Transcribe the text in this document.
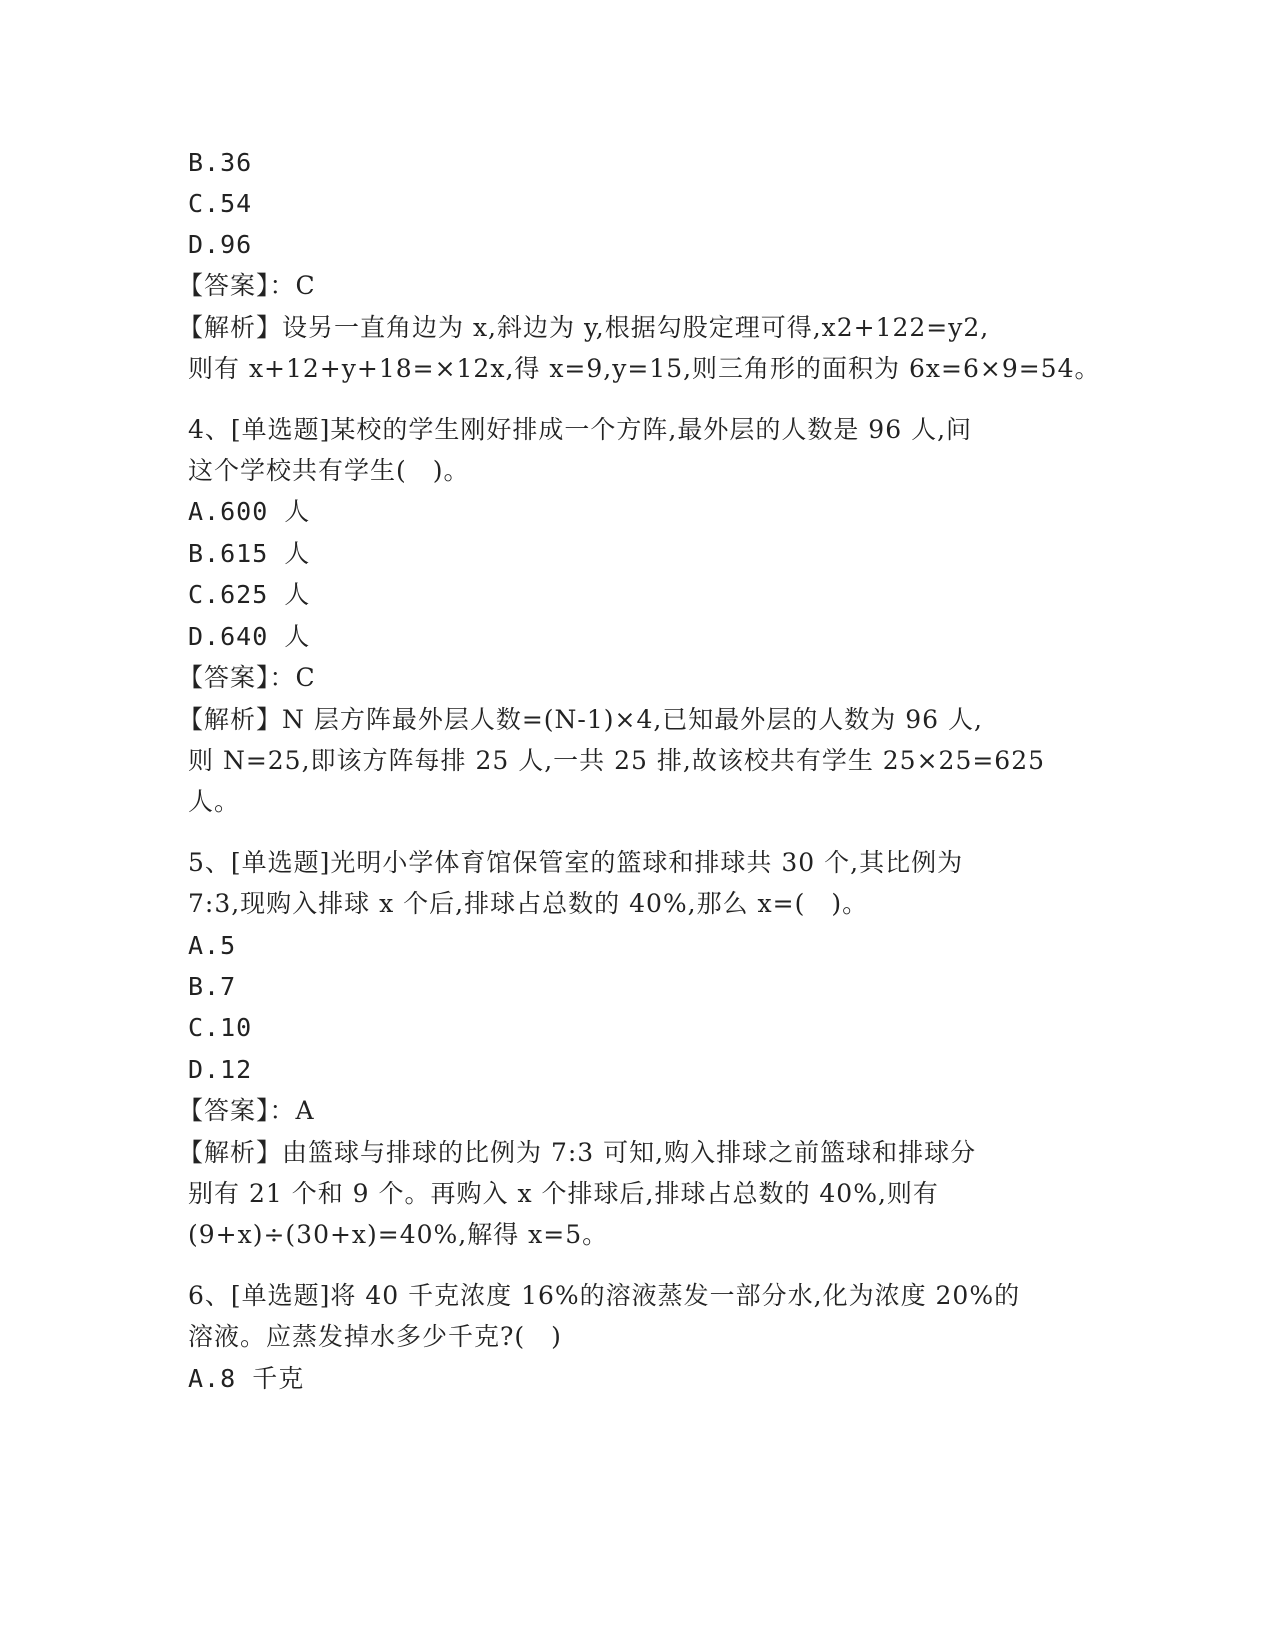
B.36
C.54
D.96
【答案】：C
【解析】设另一直角边为 x,斜边为 y,根据勾股定理可得,x2+122=y2,
则有 x+12+y+18=×12x,得 x=9,y=15,则三角形的面积为 6x=6×9=54。
4、[单选题]某校的学生刚好排成一个方阵,最外层的人数是 96 人,问
这个学校共有学生(　)。
A.600 人
B.615 人
C.625 人
D.640 人
【答案】：C
【解析】N 层方阵最外层人数=(N-1)×4,已知最外层的人数为 96 人,
则 N=25,即该方阵每排 25 人,一共 25 排,故该校共有学生 25×25=625
人。
5、[单选题]光明小学体育馆保管室的篮球和排球共 30 个,其比例为
7:3,现购入排球 x 个后,排球占总数的 40%,那么 x=(　)。
A.5
B.7
C.10
D.12
【答案】：A
【解析】由篮球与排球的比例为 7:3 可知,购入排球之前篮球和排球分
别有 21 个和 9 个。再购入 x 个排球后,排球占总数的 40%,则有
(9+x)÷(30+x)=40%,解得 x=5。
6、[单选题]将 40 千克浓度 16%的溶液蒸发一部分水,化为浓度 20%的
溶液。应蒸发掉水多少千克?(　)
A.8 千克
